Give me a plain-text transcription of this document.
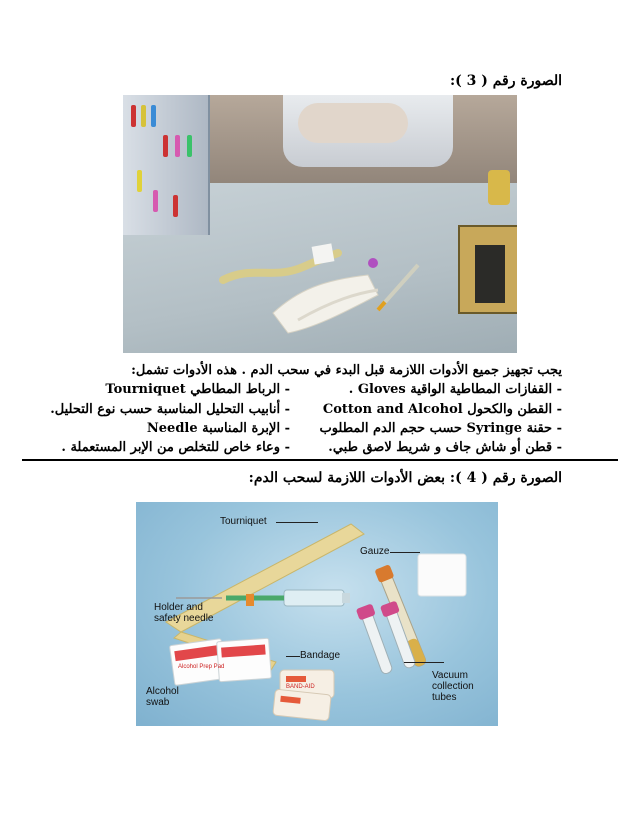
الصورة رقم ( 3 ):
يجب تجهيز جميع الأدوات اللازمة قبل البدء في سحب الدم . هذه الأدوات تشمل:
- القفازات المطاطية الواقية Gloves .
- الرباط المطاطي Tourniquet
- القطن والكحول Cotton and Alcohol
- أنابيب التحليل المناسبة حسب نوع التحليل.
- حقنة Syringe حسب حجم الدم المطلوب
- الإبرة المناسبة Needle
- قطن أو شاش جاف و شريط لاصق طبي.
- وعاء خاص للتخلص من الإبر المستعملة .
الصورة رقم ( 4 ): بعض الأدوات اللازمة لسحب الدم:
Alcohol Prep Pad
BAND-AID
Tourniquet
Gauze
Holder and
safety needle
Bandage
Alcohol
swab
Vacuum
collection
tubes
